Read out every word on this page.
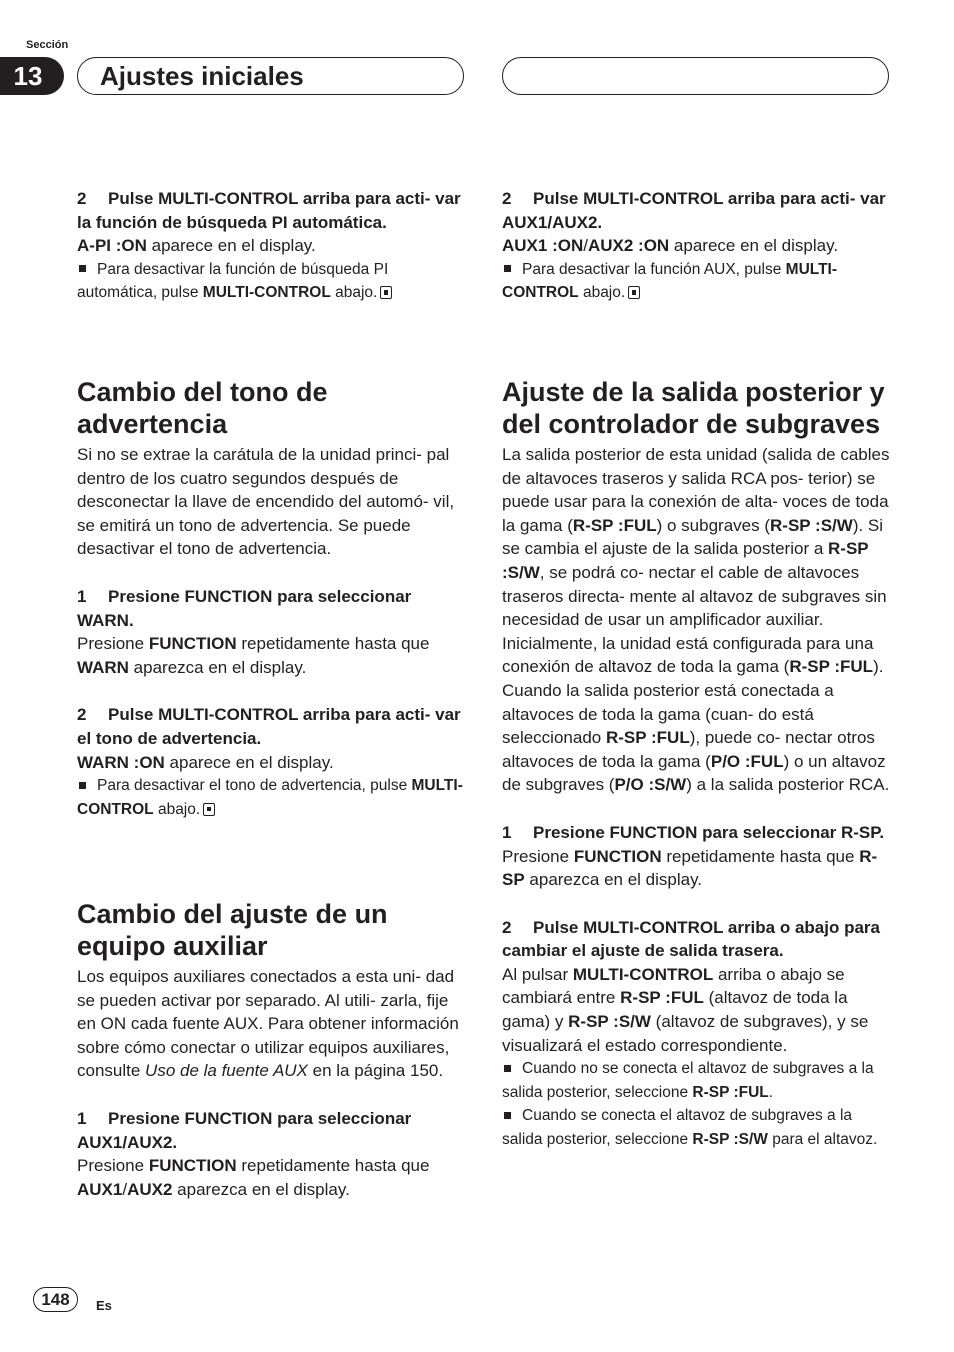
Sección
13	Ajustes iniciales

2 Pulse MULTI-CONTROL arriba para acti- var la función de búsqueda PI automática.

A-PI :ON aparece en el display.

Para desactivar la función de búsqueda PI automática, pulse MULTI-CONTROL abajo.

Cambio del tono de advertencia

Si no se extrae la carátula de la unidad princi- pal dentro de los cuatro segundos después de desconectar la llave de encendido del automó- vil, se emitirá un tono de advertencia. Se puede desactivar el tono de advertencia.

1 Presione FUNCTION para seleccionar WARN.

Presione FUNCTION repetidamente hasta que WARN aparezca en el display.

2 Pulse MULTI-CONTROL arriba para acti- var el tono de advertencia.

WARN :ON aparece en el display.

Para desactivar el tono de advertencia, pulse MULTI-CONTROL abajo.

Cambio del ajuste de un equipo auxiliar

Los equipos auxiliares conectados a esta uni- dad se pueden activar por separado. Al utili- zarla, fije en ON cada fuente AUX. Para obtener información sobre cómo conectar o utilizar equipos auxiliares, consulte Uso de la fuente AUX en la página 150.

1 Presione FUNCTION para seleccionar AUX1/AUX2.

Presione FUNCTION repetidamente hasta que AUX1/AUX2 aparezca en el display.

2 Pulse MULTI-CONTROL arriba para acti- var AUX1/AUX2.

AUX1 :ON/AUX2 :ON aparece en el display.

Para desactivar la función AUX, pulse MULTI-CONTROL abajo.

Ajuste de la salida posterior y del controlador de subgraves

La salida posterior de esta unidad (salida de cables de altavoces traseros y salida RCA pos- terior) se puede usar para la conexión de alta- voces de toda la gama (R-SP :FUL) o subgraves (R-SP :S/W). Si se cambia el ajuste de la salida posterior a R-SP :S/W, se podrá co- nectar el cable de altavoces traseros directa- mente al altavoz de subgraves sin necesidad de usar un amplificador auxiliar.

Inicialmente, la unidad está configurada para una conexión de altavoz de toda la gama (R-SP :FUL). Cuando la salida posterior está conectada a altavoces de toda la gama (cuan- do está seleccionado R-SP :FUL), puede co- nectar otros altavoces de toda la gama (P/O :FUL) o un altavoz de subgraves (P/O :S/W) a la salida posterior RCA.

1 Presione FUNCTION para seleccionar R-SP.

Presione FUNCTION repetidamente hasta que R-SP aparezca en el display.

2 Pulse MULTI-CONTROL arriba o abajo para cambiar el ajuste de salida trasera.

Al pulsar MULTI-CONTROL arriba o abajo se cambiará entre R-SP :FUL (altavoz de toda la gama) y R-SP :S/W (altavoz de subgraves), y se visualizará el estado correspondiente.

Cuando no se conecta el altavoz de subgraves a la salida posterior, seleccione R-SP :FUL.

Cuando se conecta el altavoz de subgraves a la salida posterior, seleccione R-SP :S/W para el altavoz.

148	Es
